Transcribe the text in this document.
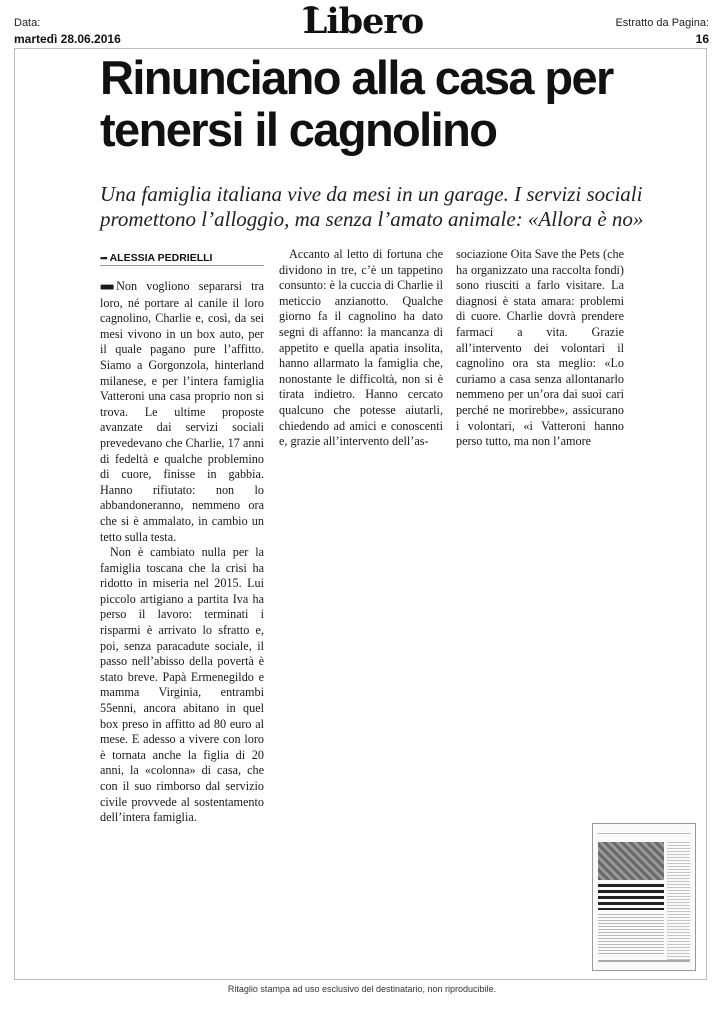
Data:
martedì 28.06.2016
Estratto da Pagina:
16
Libero
Rinunciano alla casa per tenersi il cagnolino
Una famiglia italiana vive da mesi in un garage. I servizi sociali promettono l’alloggio, ma senza l’amato animale: «Allora è no»
▪▪▪ ALESSIA PEDRIELLI

■■■ Non vogliono separarsi tra loro, né portare al canile il loro cagnolino, Charlie e, così, da sei mesi vivono in un box auto, per il quale pagano pure l’affitto. Siamo a Gorgonzola, hinterland milanese, e per l’intera famiglia Vatteroni una casa proprio non si trova. Le ultime proposte avanzate dai servizi sociali prevedevano che Charlie, 17 anni di fedeltà e qualche problemino di cuore, finisse in gabbia. Hanno rifiutato: non lo abbandoneranno, nemmeno ora che si è ammalato, in cambio un tetto sulla testa.

Non è cambiato nulla per la famiglia toscana che la crisi ha ridotto in miseria nel 2015. Lui piccolo artigiano a partita Iva ha perso il lavoro: terminati i risparmi è arrivato lo sfratto e, poi, senza paracadute sociale, il passo nell’abisso della povertà è stato breve. Papà Ermenegildo e mamma Virginia, entrambi 55enni, ancora abitano in quel box preso in affitto ad 80 euro al mese. E adesso a vivere con loro è tornata anche la figlia di 20 anni, la «colonna» di casa, che con il suo rimborso dal servizio civile provvede al sostentamento dell’intera famiglia.

Accanto al letto di fortuna che dividono in tre, c’è un tappetino consunto: è la cuccia di Charlie il meticcio anzianotto. Qualche giorno fa il cagnolino ha dato segni di affanno: la mancanza di appetito e quella apatia insolita, hanno allarmato la famiglia che, nonostante le difficoltà, non si è tirata indietro. Hanno cercato qualcuno che potesse aiutarli, chiedendo ad amici e conoscenti e, grazie all’intervento dell’as-

sociazione Oita Save the Pets (che ha organizzato una raccolta fondi) sono riusciti a farlo visitare. La diagnosi è stata amara: problemi di cuore. Charlie dovrà prendere farmaci a vita. Grazie all’intervento dei volontari il cagnolino ora sta meglio: «Lo curiamo a casa senza allontanarlo nemmeno per un’ora dai suoi cari perché ne morirebbe», assicurano i volontari, «i Vatteroni hanno perso tutto, ma non l’amore

Ritaglio stampa ad uso esclusivo del destinatario, non riproducibile.
